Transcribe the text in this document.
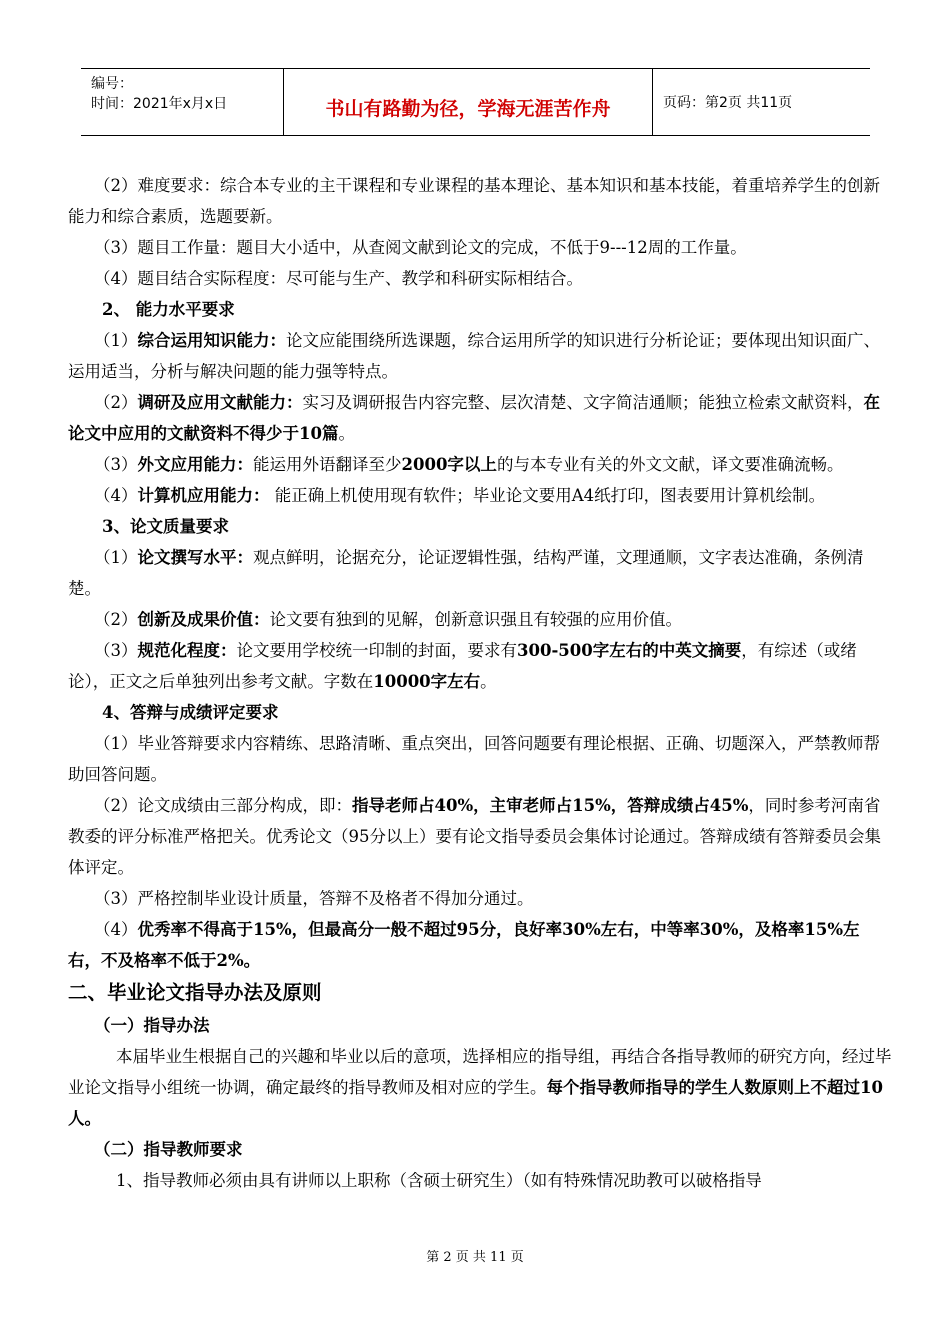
编号：
时间：2021年x月x日	书山有路勤为径，学海无涯苦作舟	页码：第2页 共11页

（2）难度要求：综合本专业的主干课程和专业课程的基本理论、基本知识和基本技能，着重培养学生的创新能力和综合素质，选题要新。

（3）题目工作量：题目大小适中，从查阅文献到论文的完成，不低于9---12周的工作量。

（4）题目结合实际程度：尽可能与生产、教学和科研实际相结合。

2、 能力水平要求

（1）综合运用知识能力：论文应能围绕所选课题，综合运用所学的知识进行分析论证；要体现出知识面广、运用适当，分析与解决问题的能力强等特点。

（2）调研及应用文献能力：实习及调研报告内容完整、层次清楚、文字简洁通顺；能独立检索文献资料，在论文中应用的文献资料不得少于10篇。

（3）外文应用能力：能运用外语翻译至少2000字以上的与本专业有关的外文文献，译文要准确流畅。

（4）计算机应用能力： 能正确上机使用现有软件；毕业论文要用A4纸打印，图表要用计算机绘制。

3、论文质量要求

（1）论文撰写水平：观点鲜明，论据充分，论证逻辑性强，结构严谨，文理通顺，文字表达准确，条例清楚。

（2）创新及成果价值：论文要有独到的见解，创新意识强且有较强的应用价值。

（3）规范化程度：论文要用学校统一印制的封面，要求有300-500字左右的中英文摘要，有综述（或绪论），正文之后单独列出参考文献。字数在10000字左右。

4、答辩与成绩评定要求

（1）毕业答辩要求内容精练、思路清晰、重点突出，回答问题要有理论根据、正确、切题深入，严禁教师帮助回答问题。

（2）论文成绩由三部分构成，即：指导老师占40%，主审老师占15%，答辩成绩占45%，同时参考河南省教委的评分标准严格把关。优秀论文（95分以上）要有论文指导委员会集体讨论通过。答辩成绩有答辩委员会集体评定。

（3）严格控制毕业设计质量，答辩不及格者不得加分通过。

（4）优秀率不得高于15%，但最高分一般不超过95分，良好率30%左右，中等率30%，及格率15%左右，不及格率不低于2%。

二、毕业论文指导办法及原则

（一）指导办法

本届毕业生根据自己的兴趣和毕业以后的意项，选择相应的指导组，再结合各指导教师的研究方向，经过毕业论文指导小组统一协调，确定最终的指导教师及相对应的学生。每个指导教师指导的学生人数原则上不超过10人。

（二）指导教师要求

1、指导教师必须由具有讲师以上职称（含硕士研究生）（如有特殊情况助教可以破格指导

第 2 页 共 11 页
